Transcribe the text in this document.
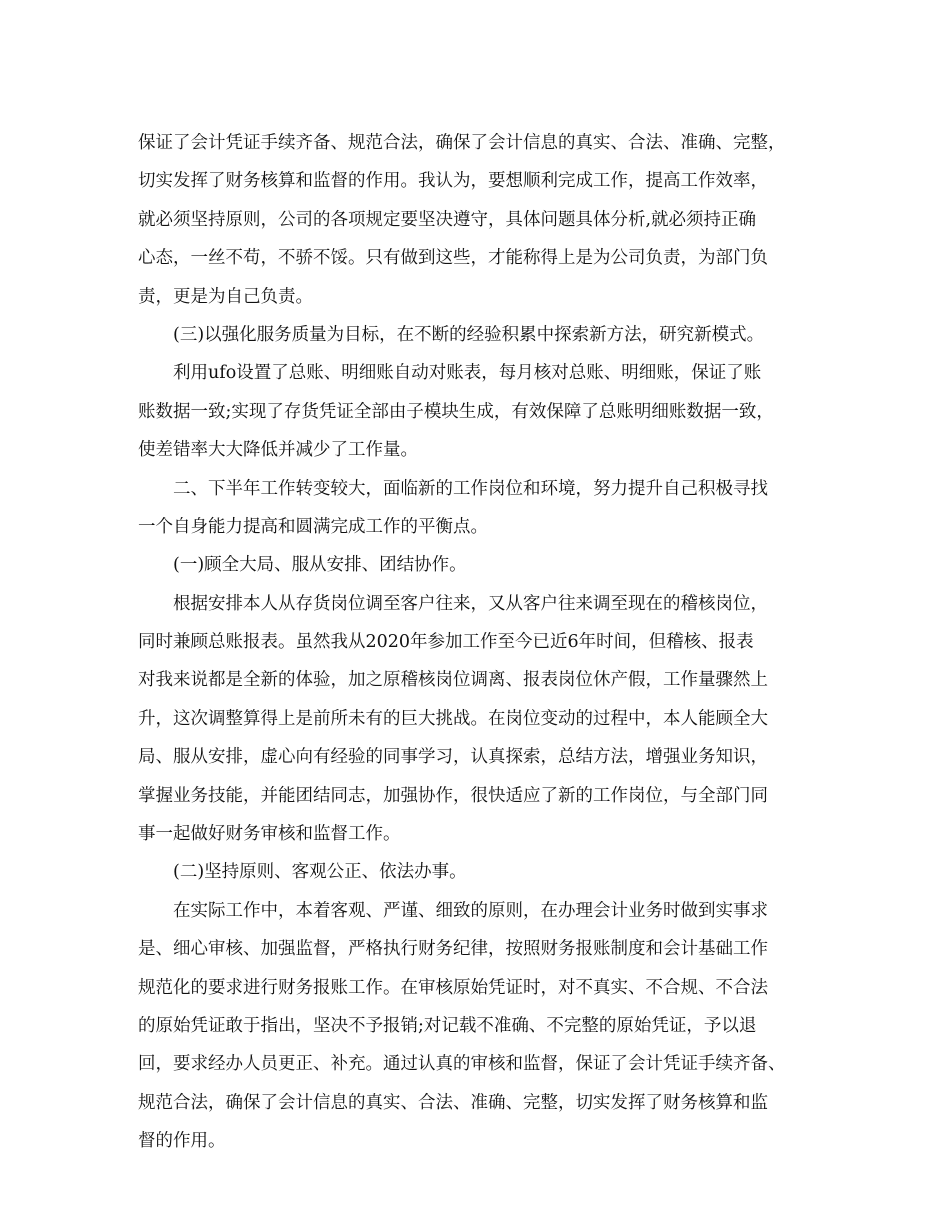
保证了会计凭证手续齐备、规范合法，确保了会计信息的真实、合法、准确、完整，
切实发挥了财务核算和监督的作用。我认为，要想顺利完成工作，提高工作效率，
就必须坚持原则，公司的各项规定要坚决遵守，具体问题具体分析,就必须持正确
心态，一丝不苟，不骄不馁。只有做到这些，才能称得上是为公司负责，为部门负
责，更是为自己负责。
(三)以强化服务质量为目标，在不断的经验积累中探索新方法，研究新模式。
利用ufo设置了总账、明细账自动对账表，每月核对总账、明细账，保证了账
账数据一致;实现了存货凭证全部由子模块生成，有效保障了总账明细账数据一致，
使差错率大大降低并减少了工作量。
二、下半年工作转变较大，面临新的工作岗位和环境，努力提升自己积极寻找
一个自身能力提高和圆满完成工作的平衡点。
(一)顾全大局、服从安排、团结协作。
根据安排本人从存货岗位调至客户往来，又从客户往来调至现在的稽核岗位，
同时兼顾总账报表。虽然我从2020年参加工作至今已近6年时间，但稽核、报表
对我来说都是全新的体验，加之原稽核岗位调离、报表岗位休产假，工作量骤然上
升，这次调整算得上是前所未有的巨大挑战。在岗位变动的过程中，本人能顾全大
局、服从安排，虚心向有经验的同事学习，认真探索，总结方法，增强业务知识，
掌握业务技能，并能团结同志，加强协作，很快适应了新的工作岗位，与全部门同
事一起做好财务审核和监督工作。
(二)坚持原则、客观公正、依法办事。
在实际工作中，本着客观、严谨、细致的原则，在办理会计业务时做到实事求
是、细心审核、加强监督，严格执行财务纪律，按照财务报账制度和会计基础工作
规范化的要求进行财务报账工作。在审核原始凭证时，对不真实、不合规、不合法
的原始凭证敢于指出，坚决不予报销;对记载不准确、不完整的原始凭证，予以退
回，要求经办人员更正、补充。通过认真的审核和监督，保证了会计凭证手续齐备、
规范合法，确保了会计信息的真实、合法、准确、完整，切实发挥了财务核算和监
督的作用。
